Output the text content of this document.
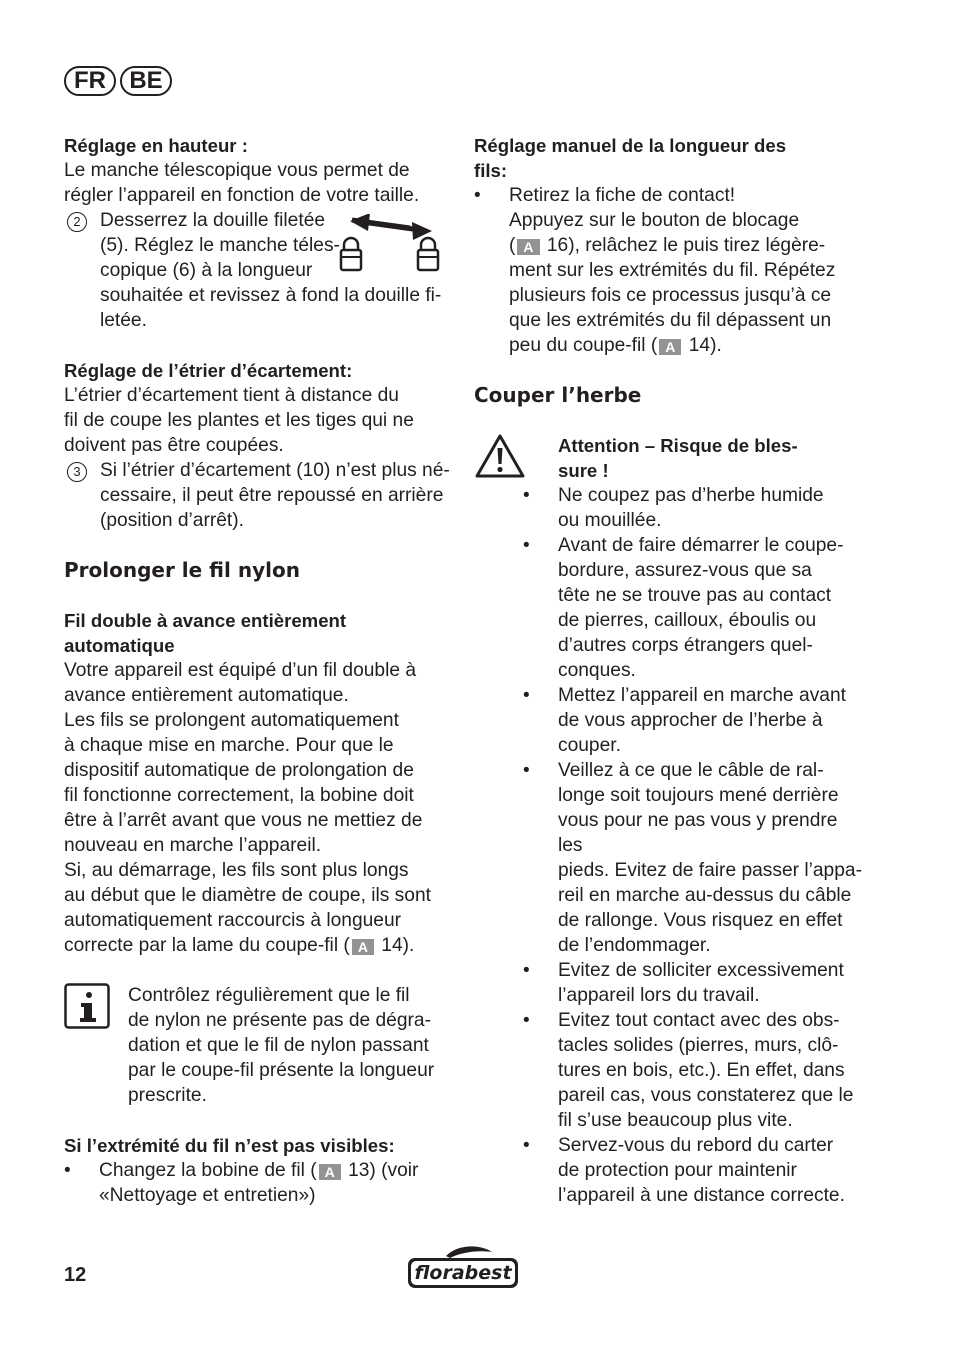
FR BE

Réglage en hauteur :

Le manche télescopique vous permet de

régler l’appareil en fonction de votre taille.

2	Desserrez la douille filetée

(5). Réglez le manche téles-

copique (6) à la longueur

souhaitée et revissez à fond la douille fi-

letée.

Réglage de l’étrier d’écartement:

L’étrier d’écartement tient à distance du

fil de coupe les plantes et les tiges qui ne

doivent pas être coupées.

3	Si l’étrier d’écartement (10) n’est plus né-

cessaire, il peut être repoussé en arrière

(position d’arrêt).

Prolonger le fil nylon

Fil double à avance entièrement

automatique

Votre appareil est équipé d’un fil double à

avance entièrement automatique.

Les fils se prolongent automatiquement

à chaque mise en marche. Pour que le

dispositif automatique de prolongation de

fil fonctionne correctement, la bobine doit

être à l’arrêt avant que vous ne mettiez de

nouveau en marche l’appareil.

Si, au démarrage, les fils sont plus longs

au début que le diamètre de coupe, ils sont

automatiquement raccourcis à longueur

correcte par la lame du coupe-fil ( A 14).

Contrôlez régulièrement que le fil

de nylon ne présente pas de dégra-

dation et que le fil de nylon passant

par le coupe-fil présente la longueur

prescrite.

Si l’extrémité du fil n’est pas visibles:

• Changez la bobine de fil ( A 13) (voir

«Nettoyage et entretien»)

Réglage manuel de la longueur des

fils:

• Retirez la fiche de contact!

Appuyez sur le bouton de blocage

( A 16), relâchez le puis tirez légère-

ment sur les extrémités du fil. Répétez

plusieurs fois ce processus jusqu’à ce

que les extrémités du fil dépassent un

peu du coupe-fil ( A 14).

Couper l’herbe

Attention – Risque de bles-

sure !

• Ne coupez pas d’herbe humide

ou mouillée.

• Avant de faire démarrer le coupe-

bordure, assurez-vous que sa

tête ne se trouve pas au contact

de pierres, cailloux, éboulis ou

d’autres corps étrangers quel-

conques.

• Mettez l’appareil en marche avant

de vous approcher de l’herbe à

couper.

• Veillez à ce que le câble de ral-

longe soit toujours mené derrière

vous pour ne pas vous y prendre les

pieds. Evitez de faire passer l’appa-

reil en marche au-dessus du câble

de rallonge. Vous risquez en effet

de l’endommager.

• Evitez de solliciter excessivement

l’appareil lors du travail.

• Evitez tout contact avec des obs-

tacles solides (pierres, murs, clô-

tures en bois, etc.). En effet, dans

pareil cas, vous constaterez que le

fil s’use beaucoup plus vite.

• Servez-vous du rebord du carter

de protection pour maintenir

l’appareil à une distance correcte.

12	florabest
